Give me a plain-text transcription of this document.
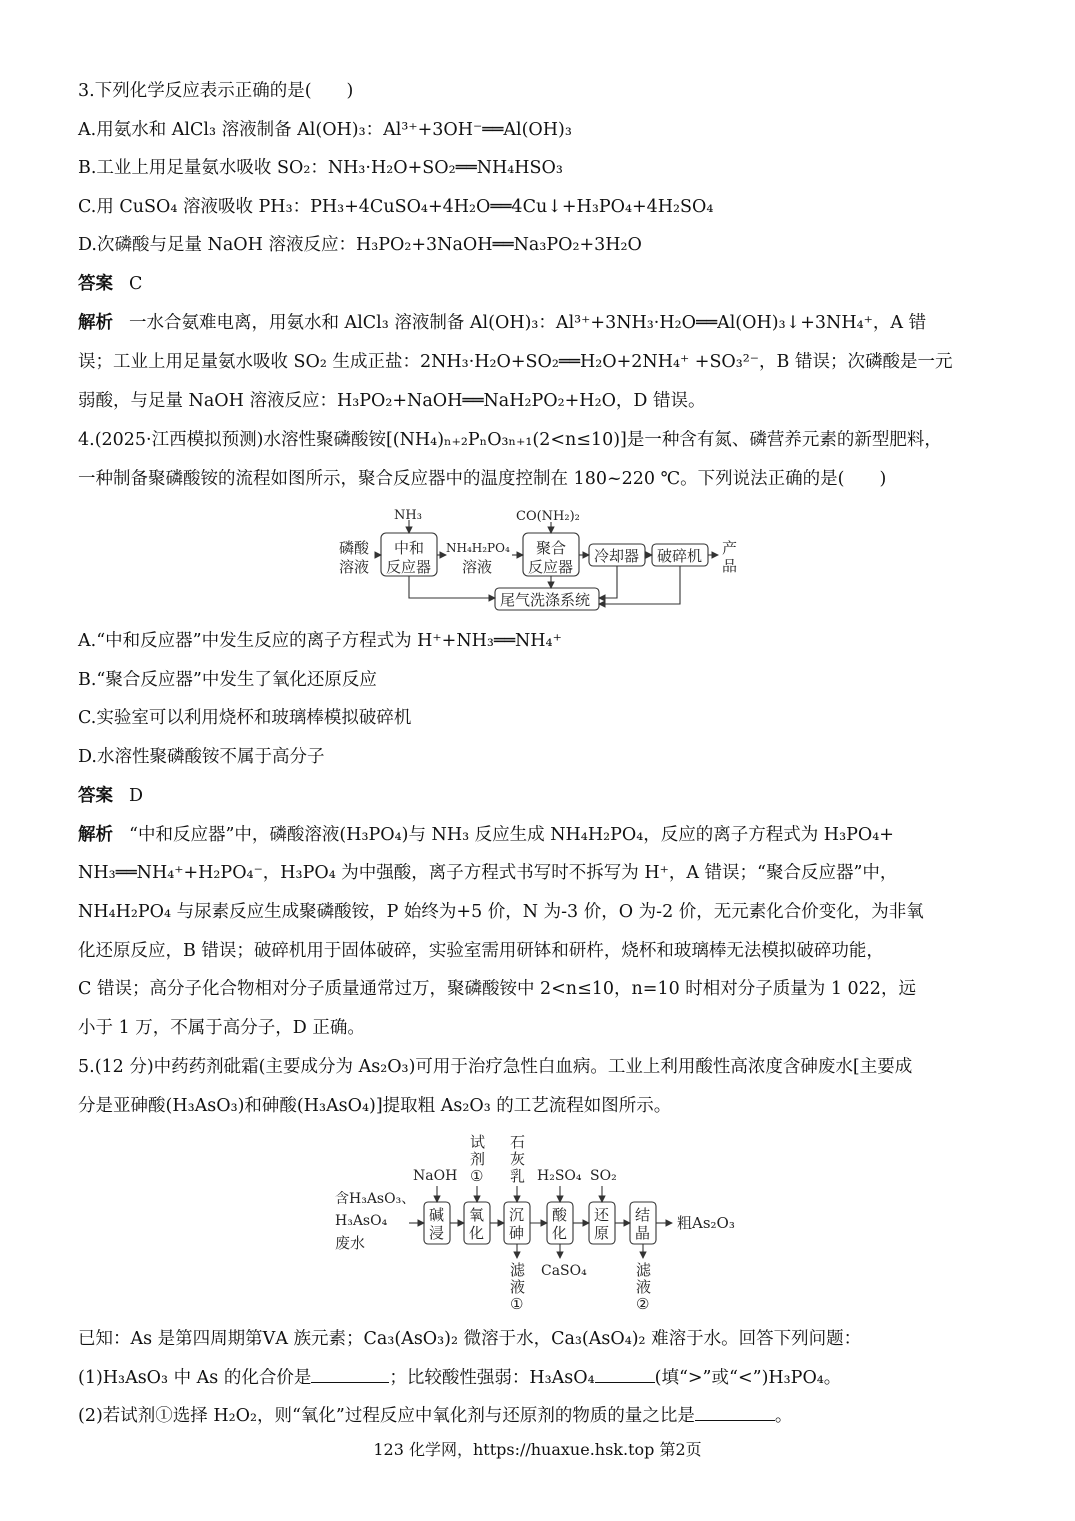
3.下列化学反应表示正确的是(　　)
A.用氨水和 AlCl₃ 溶液制备 Al(OH)₃：Al³⁺+3OH⁻══Al(OH)₃
B.工业上用足量氨水吸收 SO₂：NH₃·H₂O+SO₂══NH₄HSO₃
C.用 CuSO₄ 溶液吸收 PH₃：PH₃+4CuSO₄+4H₂O══4Cu↓+H₃PO₄+4H₂SO₄
D.次磷酸与足量 NaOH 溶液反应：H₃PO₂+3NaOH══Na₃PO₂+3H₂O
答案 C
解析 一水合氨难电离，用氨水和 AlCl₃ 溶液制备 Al(OH)₃：Al³⁺+3NH₃·H₂O══Al(OH)₃↓+3NH₄⁺，A 错
误；工业上用足量氨水吸收 SO₂ 生成正盐：2NH₃·H₂O+SO₂══H₂O+2NH₄⁺ +SO₃²⁻，B 错误；次磷酸是一元
弱酸，与足量 NaOH 溶液反应：H₃PO₂+NaOH══NaH₂PO₂+H₂O，D 错误。
4.(2025·江西模拟预测)水溶性聚磷酸铵[(NH₄)ₙ₊₂PₙO₃ₙ₊₁(2<n≤10)]是一种含有氮、磷营养元素的新型肥料，
一种制备聚磷酸铵的流程如图所示，聚合反应器中的温度控制在 180~220 ℃。下列说法正确的是(　　)
磷酸
溶液
中和
反应器
NH₃
NH₄H₂PO₄
溶液
CO(NH₂)₂
聚合
反应器
冷却器 破碎机 产
品
尾气洗涤系统
A.“中和反应器”中发生反应的离子方程式为 H⁺+NH₃══NH₄⁺
B.“聚合反应器”中发生了氧化还原反应
C.实验室可以利用烧杯和玻璃棒模拟破碎机
D.水溶性聚磷酸铵不属于高分子
答案 D
解析 “中和反应器”中，磷酸溶液(H₃PO₄)与 NH₃ 反应生成 NH₄H₂PO₄，反应的离子方程式为 H₃PO₄+
NH₃══NH₄⁺+H₂PO₄⁻，H₃PO₄ 为中强酸，离子方程式书写时不拆写为 H⁺，A 错误；“聚合反应器”中，
NH₄H₂PO₄ 与尿素反应生成聚磷酸铵，P 始终为+5 价，N 为-3 价，O 为-2 价，无元素化合价变化，为非氧
化还原反应，B 错误；破碎机用于固体破碎，实验室需用研钵和研杵，烧杯和玻璃棒无法模拟破碎功能，
C 错误；高分子化合物相对分子质量通常过万，聚磷酸铵中 2<n≤10，n=10 时相对分子质量为 1 022，远
小于 1 万，不属于高分子，D 正确。
5.(12 分)中药药剂砒霜(主要成分为 As₂O₃)可用于治疗急性白血病。工业上利用酸性高浓度含砷废水[主要成
分是亚砷酸(H₃AsO₃)和砷酸(H₃AsO₄)]提取粗 As₂O₃ 的工艺流程如图所示。
含H₃AsO₃、
H₃AsO₄
废水
NaOH
试
剂
①
石
灰
乳 H₂SO₄ SO₂
碱
浸
氧
化
沉
砷
酸
化
还
原
结
晶
粗As₂O₃
滤
液
①
CaSO₄	滤
液
②
已知：As 是第四周期第ⅤA 族元素；Ca₃(AsO₃)₂ 微溶于水，Ca₃(AsO₄)₂ 难溶于水。回答下列问题：
(1)H₃AsO₃ 中 As 的化合价是	；比较酸性强弱：H₃AsO₄	(填“>”或“<”)H₃PO₄。
(2)若试剂①选择 H₂O₂，则“氧化”过程反应中氧化剂与还原剂的物质的量之比是	。
123 化学网，https://huaxue.hsk.top 第2页
